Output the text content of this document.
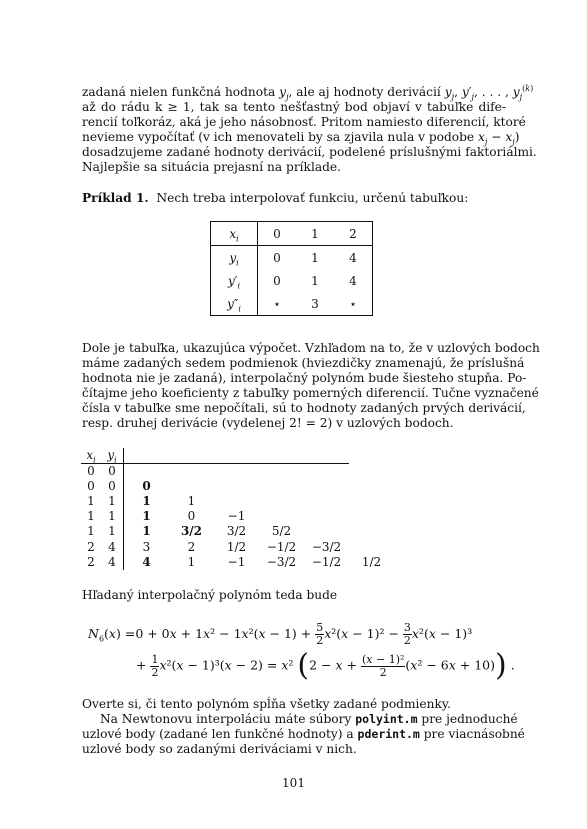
zadaná nielen funkčná hodnota $y_j$, ale aj hodnoty derivácií $y_j$, $y'_j$, . . . , $y_j^{(k)}$
až do rádu k ≥ 1, tak sa tento nešťastný bod objaví v tabuľke dife-
rencií toľkoráz, aká je jeho násobnosť. Pritom namiesto diferencií, ktoré
nevieme vypočítať (v ich menovateli by sa zjavila nula v podobe $x_j - x_j$)
dosadzujeme zadané hodnoty derivácií, podelené príslušnými faktoriálmi.
Najlepšie sa situácia prejasní na príklade.
Príklad 1. Nech treba interpolovať funkciu, určenú tabuľkou:
$x_i$	0	1	2
$y_i$	0	1	4
$y'_i$	0	1	4
$y''_i$	⋆	3	⋆
Dole je tabuľka, ukazujúca výpočet. Vzhľadom na to, že v uzlových bodoch
máme zadaných sedem podmienok (hviezdičky znamenajú, že príslušná
hodnota nie je zadaná), interpolačný polynóm bude šiesteho stupňa. Po-
čítajme jeho koeficienty z tabuľky pomerných diferencií. Tučne vyznačené
čísla v tabuľke sme nepočítali, sú to hodnoty zadaných prvých derivácií,
resp. druhej derivácie (vydelenej 2! = 2) v uzlových bodoch.
$x_i$	$y_i$						
0	0						
0	0	0					
1	1	1	1				
1	1	1	0	−1			
1	1	1	3/2	3/2	5/2		
2	4	3	2	1/2	−1/2	−3/2	
2	4	4	1	−1	−3/2	−1/2	1/2
Hľadaný interpolačný polynóm teda bude
$N_6(x) =0 + 0x + 1x^2 - 1x^2(x - 1) + \frac{5}{2} x^2(x - 1)^2 - \frac{3}{2} x^2(x - 1)^3$
+ $\frac{1}{2} x^2(x - 1)^3(x - 2) = x^2$ $(2 - x + \frac{\text{(x − 1)²}}{2} (x^2 - 6x + 10))$ .
Overte si, či tento polynóm spĺňa všetky zadané podmienky.
Na Newtonovu interpoláciu máte súbory polyint.m pre jednoduché
uzlové body (zadané len funkčné hodnoty) a pderint.m pre viacnásobné
uzlové body so zadanými deriváciami v nich.
101
